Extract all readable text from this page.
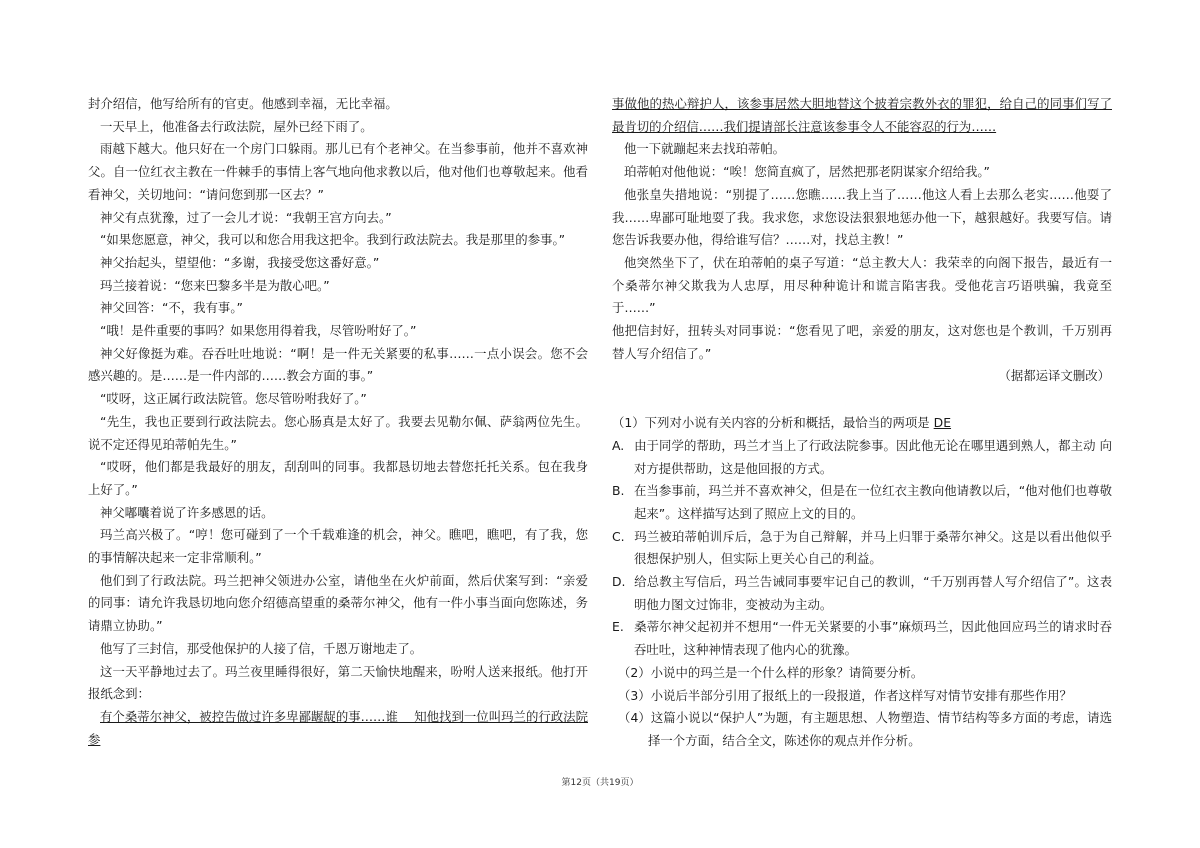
封介绍信，他写给所有的官吏。他感到幸福，无比幸福。

一天早上，他准备去行政法院，屋外已经下雨了。

雨越下越大。他只好在一个房门口躲雨。那儿已有个老神父。在当参事前，他并不喜欢神父。自一位红衣主教在一件棘手的事情上客气地向他求教以后，他对他们也尊敬起来。他看看神父，关切地问：“请问您到那一区去？”

神父有点犹豫，过了一会儿才说：“我朝王宫方向去。”

“如果您愿意，神父，我可以和您合用我这把伞。我到行政法院去。我是那里的参事。”

神父抬起头，望望他：“多谢，我接受您这番好意。”

玛兰接着说：“您来巴黎多半是为散心吧。”

神父回答：“不，我有事。”

“哦！是件重要的事吗？如果您用得着我，尽管吩咐好了。”

神父好像挺为难。吞吞吐吐地说：“啊！是一件无关紧要的私事……一点小误会。您不会感兴趣的。是……是一件内部的……教会方面的事。”

“哎呀，这正属行政法院管。您尽管吩咐我好了。”

“先生，我也正要到行政法院去。您心肠真是太好了。我要去见勒尔佩、萨翁两位先生。说不定还得见珀蒂帕先生。”

“哎呀，他们都是我最好的朋友，刮刮叫的同事。我都恳切地去替您托托关系。包在我身上好了。”

神父嘟囔着说了许多感恩的话。

玛兰高兴极了。“哼！您可碰到了一个千载难逢的机会，神父。瞧吧，瞧吧，有了我，您的事情解决起来一定非常顺利。”

他们到了行政法院。玛兰把神父领进办公室，请他坐在火炉前面，然后伏案写到：“亲爱的同事：请允许我恳切地向您介绍德高望重的桑蒂尔神父，他有一件小事当面向您陈述，务请鼎立协助。”

他写了三封信，那受他保护的人接了信，千恩万谢地走了。

这一天平静地过去了。玛兰夜里睡得很好，第二天愉快地醒来，吩咐人送来报纸。他打开报纸念到：

有个桑蒂尔神父，被控告做过许多卑鄙龌龊的事……谁　 知他找到一位叫玛兰的行政法院参

事做他的热心辩护人，该参事居然大胆地替这个披着宗教外衣的罪犯，给自己的同事们写了最肯切的介绍信……我们提请部长注意该参事令人不能容忍的行为……

他一下就蹦起来去找珀蒂帕。

珀蒂帕对他他说：“唉！您简直疯了，居然把那老阴谋家介绍给我。”

他张皇失措地说：“别提了……您瞧……我上当了……他这人看上去那么老实……他耍了我……卑鄙可耻地耍了我。我求您，求您设法狠狠地惩办他一下，越狠越好。我要写信。请您告诉我要办他，得给谁写信？……对，找总主教！”

他突然坐下了，伏在珀蒂帕的桌子写道：“总主教大人：我荣幸的向阁下报告，最近有一个桑蒂尔神父欺我为人忠厚，用尽种种诡计和谎言陷害我。受他花言巧语哄骗，我竟至于……”

他把信封好，扭转头对同事说：“您看见了吧，亲爱的朋友，这对您也是个教训，千万别再替人写介绍信了。”

（据都运译文删改）

（1）下列对小说有关内容的分析和概括，最恰当的两项是 DE

A. 由于同学的帮助，玛兰才当上了行政法院参事。因此他无论在哪里遇到熟人，都主动 向对方提供帮助，这是他回报的方式。

B. 在当参事前，玛兰并不喜欢神父，但是在一位红衣主教向他请教以后，“他对他们也尊敬起来”。这样描写达到了照应上文的目的。

C. 玛兰被珀蒂帕训斥后，急于为自己辩解，并马上归罪于桑蒂尔神父。这是以看出他似乎很想保护别人，但实际上更关心自己的利益。

D. 给总教主写信后，玛兰告诫同事要牢记自己的教训，“千万别再替人写介绍信了”。这表明他力图文过饰非，变被动为主动。

E. 桑蒂尔神父起初并不想用“一件无关紧要的小事”麻烦玛兰，因此他回应玛兰的请求时吞吞吐吐，这种神情表现了他内心的犹豫。

（2）小说中的玛兰是一个什么样的形象？请简要分析。

（3）小说后半部分引用了报纸上的一段报道，作者这样写对情节安排有那些作用？

（4）这篇小说以“保护人”为题，有主题思想、人物塑造、情节结构等多方面的考虑，请选择一个方面，结合全文，陈述你的观点并作分析。

第12页（共19页）
